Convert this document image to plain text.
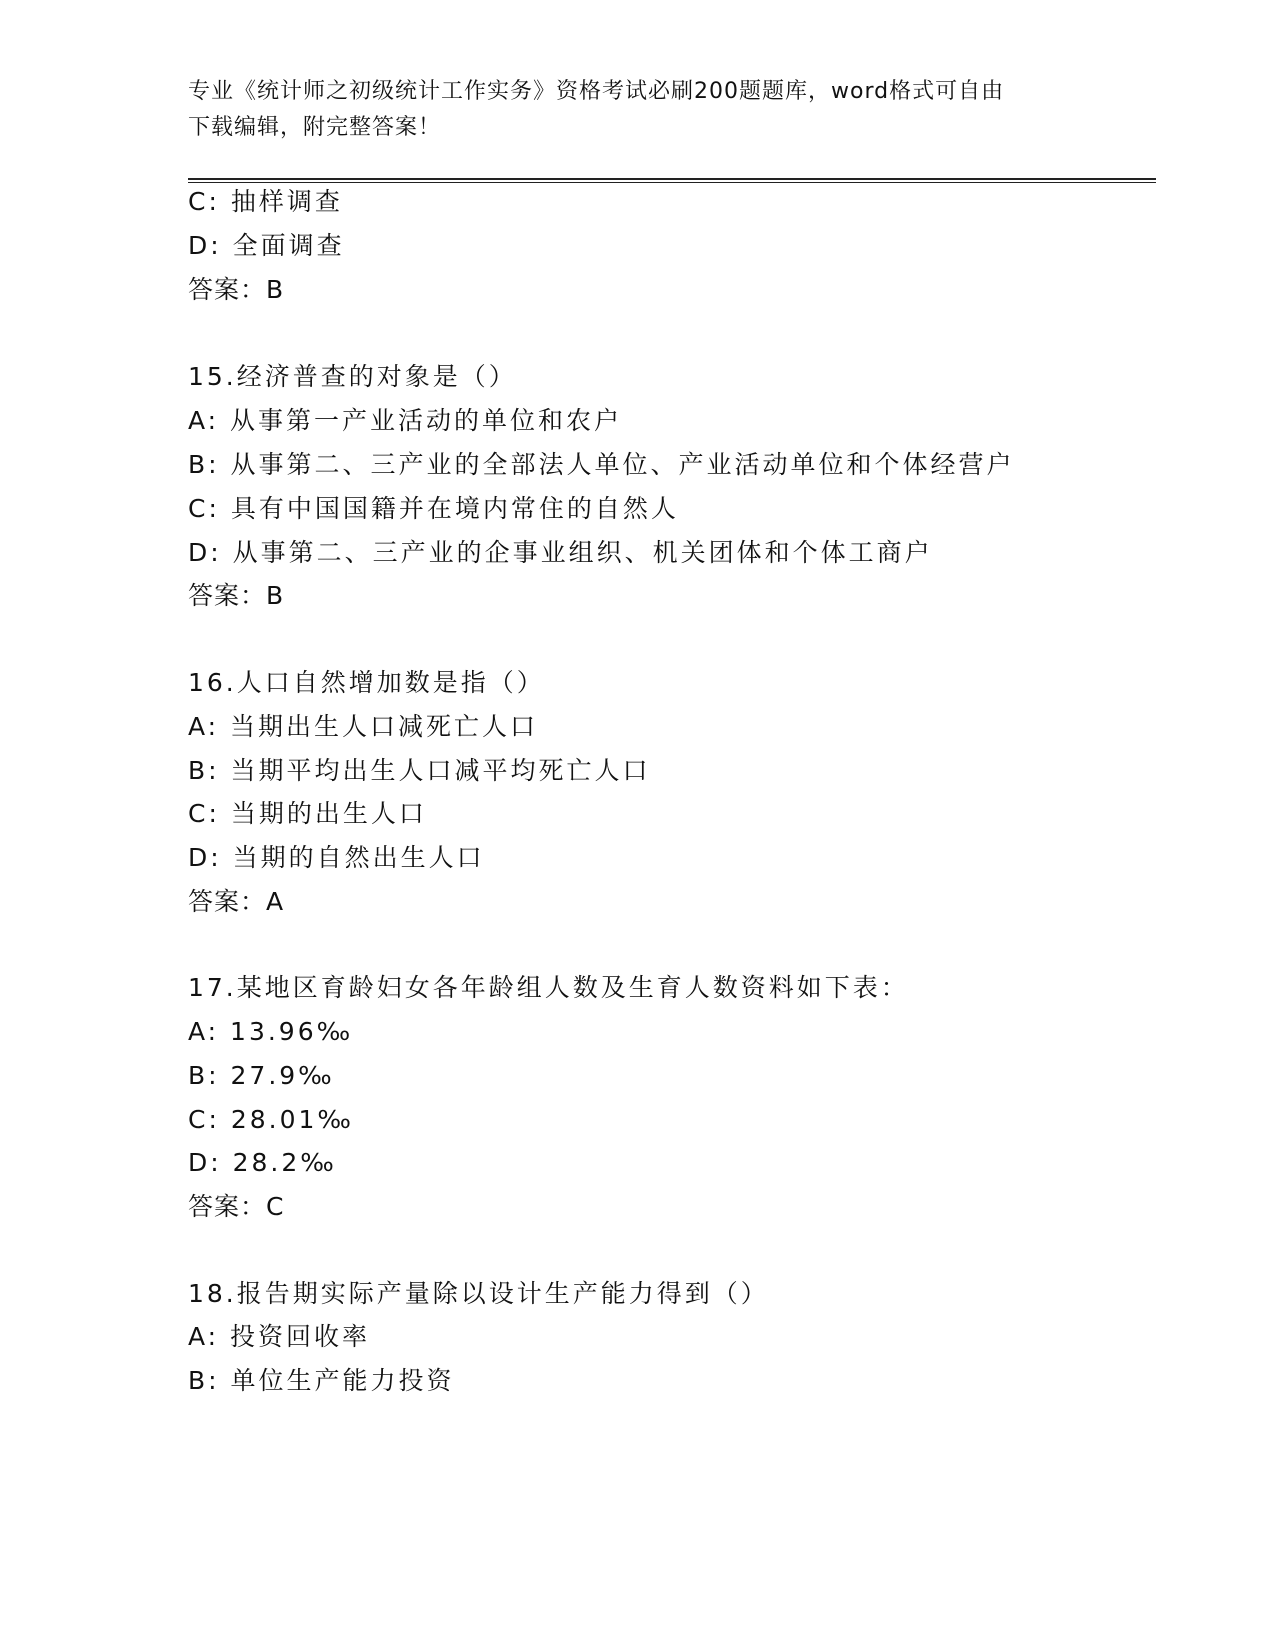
专业《统计师之初级统计工作实务》资格考试必刷200题题库，word格式可自由
下载编辑，附完整答案！
C: 抽样调查
D: 全面调查
答案：B
15.经济普查的对象是（）
A: 从事第一产业活动的单位和农户
B: 从事第二、三产业的全部法人单位、产业活动单位和个体经营户
C: 具有中国国籍并在境内常住的自然人
D: 从事第二、三产业的企事业组织、机关团体和个体工商户
答案：B
16.人口自然增加数是指（）
A: 当期出生人口减死亡人口
B: 当期平均出生人口减平均死亡人口
C: 当期的出生人口
D: 当期的自然出生人口
答案：A
17.某地区育龄妇女各年龄组人数及生育人数资料如下表：
A: 13.96‰
B: 27.9‰
C: 28.01‰
D: 28.2‰
答案：C
18.报告期实际产量除以设计生产能力得到（）
A: 投资回收率
B: 单位生产能力投资
